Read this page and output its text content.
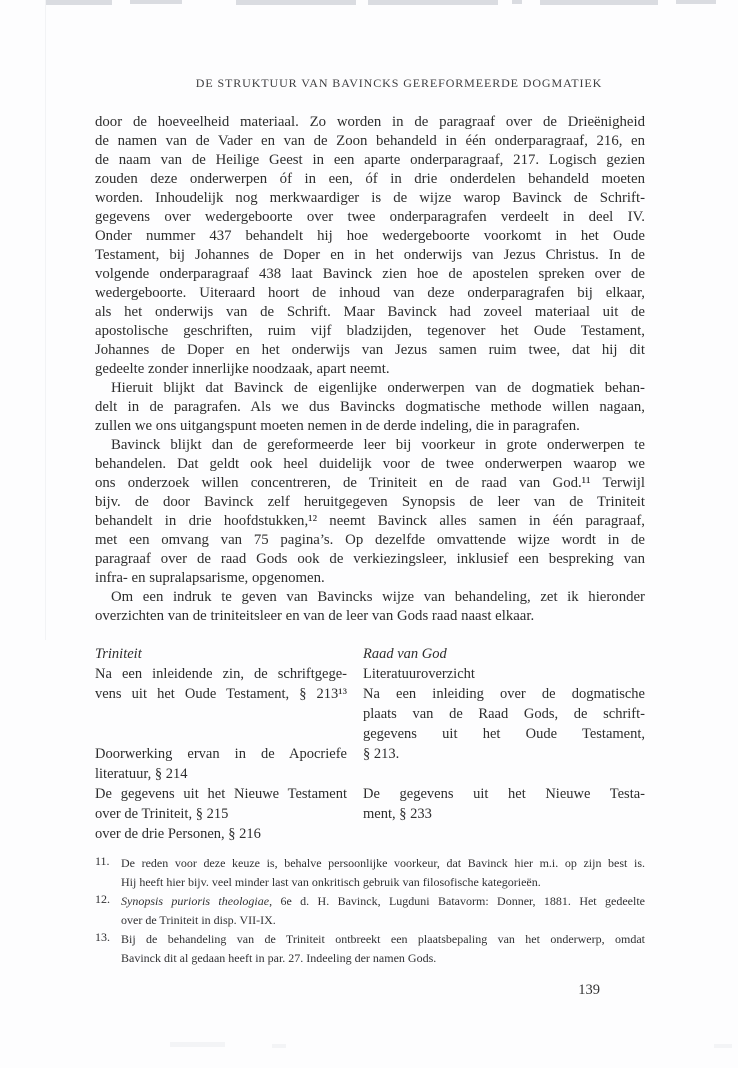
DE STRUKTUUR VAN BAVINCKS GEREFORMEERDE DOGMATIEK
door de hoeveelheid materiaal. Zo worden in de paragraaf over de Drieënigheid
de namen van de Vader en van de Zoon behandeld in één onderparagraaf, 216, en
de naam van de Heilige Geest in een aparte onderparagraaf, 217. Logisch gezien
zouden deze onderwerpen óf in een, óf in drie onderdelen behandeld moeten
worden. Inhoudelijk nog merkwaardiger is de wijze warop Bavinck de Schrift-
gegevens over wedergeboorte over twee onderparagrafen verdeelt in deel IV.
Onder nummer 437 behandelt hij hoe wedergeboorte voorkomt in het Oude
Testament, bij Johannes de Doper en in het onderwijs van Jezus Christus. In de
volgende onderparagraaf 438 laat Bavinck zien hoe de apostelen spreken over de
wedergeboorte. Uiteraard hoort de inhoud van deze onderparagrafen bij elkaar,
als het onderwijs van de Schrift. Maar Bavinck had zoveel materiaal uit de
apostolische geschriften, ruim vijf bladzijden, tegenover het Oude Testament,
Johannes de Doper en het onderwijs van Jezus samen ruim twee, dat hij dit
gedeelte zonder innerlijke noodzaak, apart neemt.
Hieruit blijkt dat Bavinck de eigenlijke onderwerpen van de dogmatiek behan-
delt in de paragrafen. Als we dus Bavincks dogmatische methode willen nagaan,
zullen we ons uitgangspunt moeten nemen in de derde indeling, die in paragrafen.
Bavinck blijkt dan de gereformeerde leer bij voorkeur in grote onderwerpen te
behandelen. Dat geldt ook heel duidelijk voor de twee onderwerpen waarop we
ons onderzoek willen concentreren, de Triniteit en de raad van God.¹¹ Terwijl
bijv. de door Bavinck zelf heruitgegeven Synopsis de leer van de Triniteit
behandelt in drie hoofdstukken,¹² neemt Bavinck alles samen in één paragraaf,
met een omvang van 75 pagina’s. Op dezelfde omvattende wijze wordt in de
paragraaf over de raad Gods ook de verkiezingsleer, inklusief een bespreking van
infra- en supralapsarisme, opgenomen.
Om een indruk te geven van Bavincks wijze van behandeling, zet ik hieronder
overzichten van de triniteitsleer en van de leer van Gods raad naast elkaar.
Triniteit
Na een inleidende zin, de schriftgege-
vens uit het Oude Testament, § 213¹³
Doorwerking ervan in de Apocriefe
literatuur, § 214
De gegevens uit het Nieuwe Testament
over de Triniteit, § 215
over de drie Personen, § 216
Raad van God
Literatuuroverzicht
Na een inleiding over de dogmatische
plaats van de Raad Gods, de schrift-
gegevens uit het Oude Testament,
§ 213.
De gegevens uit het Nieuwe Testa-
ment, § 233
11. De reden voor deze keuze is, behalve persoonlijke voorkeur, dat Bavinck hier m.i. op zijn best is.
Hij heeft hier bijv. veel minder last van onkritisch gebruik van filosofische kategorieën.
12. Synopsis purioris theologiae, 6e d. H. Bavinck, Lugduni Batavorm: Donner, 1881. Het gedeelte
over de Triniteit in disp. VII-IX.
13. Bij de behandeling van de Triniteit ontbreekt een plaatsbepaling van het onderwerp, omdat
Bavinck dit al gedaan heeft in par. 27. Indeeling der namen Gods.
139
